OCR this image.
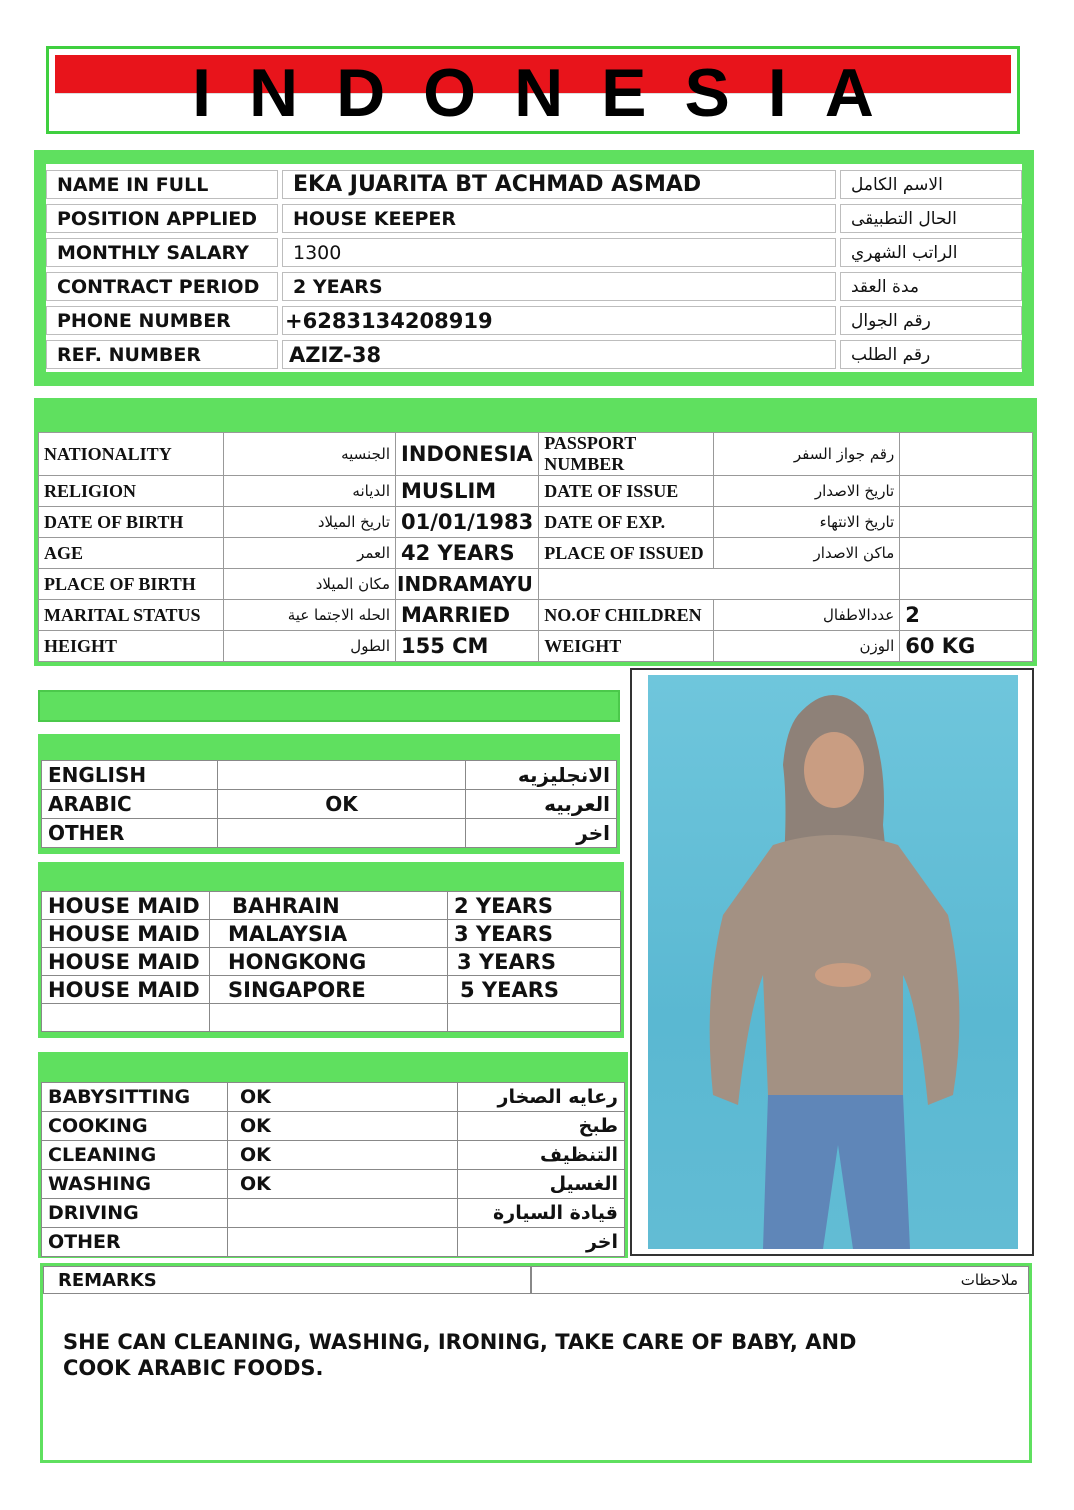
INDONESIA
NAME IN FULL	EKA JUARITA BT ACHMAD ASMAD	الاسم الكامل
POSITION APPLIED	HOUSE KEEPER	الحال التطبيقى
MONTHLY SALARY	1300	الراتب الشهري
CONTRACT PERIOD	2 YEARS	مدة العقد
PHONE NUMBER	+6283134208919	رقم الجوال
REF. NUMBER	AZIZ-38	رقم الطلب
NATIONALITY	الجنسيه	INDONESIA	PASSPORT NUMBER	رقم جواز السفر	
RELIGION	الديانه	MUSLIM	DATE OF ISSUE	تاريخ الاصدار	
DATE OF BIRTH	تاريخ الميلاد	01/01/1983	DATE OF EXP.	تاريخ الانتهاء	
AGE	العمر	42 YEARS	PLACE OF ISSUED	ماكن الاصدار	
PLACE OF BIRTH	مكان الميلاد	INDRAMAYU			
MARITAL STATUS	الحله الاجتما عية	MARRIED	NO.OF CHILDREN	عددالاطفال	2
HEIGHT	الطول	155 CM	WEIGHT	الوزن	60 KG
ENGLISH		الانجليزيه
ARABIC	OK	العربيه
OTHER		اخر
HOUSE MAID	BAHRAIN	2 YEARS
HOUSE MAID	MALAYSIA	3 YEARS
HOUSE MAID	HONGKONG	3 YEARS
HOUSE MAID	SINGAPORE	5 YEARS

BABYSITTING	OK	رعايه الصخار
COOKING	OK	طبخ
CLEANING	OK	التنظيف
WASHING	OK	الغسيل
DRIVING		قيادة السيارة
OTHER		اخر
REMARKS	ملاحظات
SHE CAN CLEANING, WASHING, IRONING, TAKE CARE OF BABY, AND
COOK ARABIC FOODS.
